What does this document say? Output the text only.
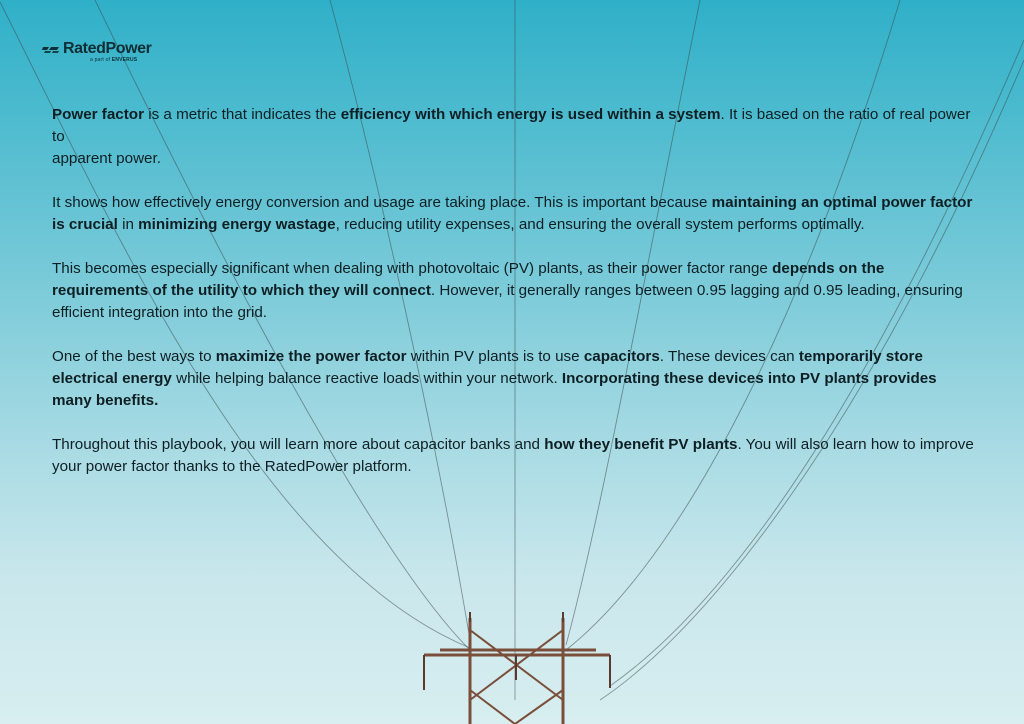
RatedPower
a part of ENVERUS

Power factor is a metric that indicates the efficiency with which energy is used within a system. It is based on the ratio of real power to
apparent power.

It shows how effectively energy conversion and usage are taking place. This is important because maintaining an optimal power factor is crucial in minimizing energy wastage, reducing utility expenses, and ensuring the overall system performs optimally.

This becomes especially significant when dealing with photovoltaic (PV) plants, as their power factor range depends on the requirements of the utility to which they will connect. However, it generally ranges between 0.95 lagging and 0.95 leading, ensuring efficient integration into the grid.

One of the best ways to maximize the power factor within PV plants is to use capacitors. These devices can temporarily store electrical energy while helping balance reactive loads within your network. Incorporating these devices into PV plants provides many benefits.

Throughout this playbook, you will learn more about capacitor banks and how they benefit PV plants. You will also learn how to improve your power factor thanks to the RatedPower platform.
